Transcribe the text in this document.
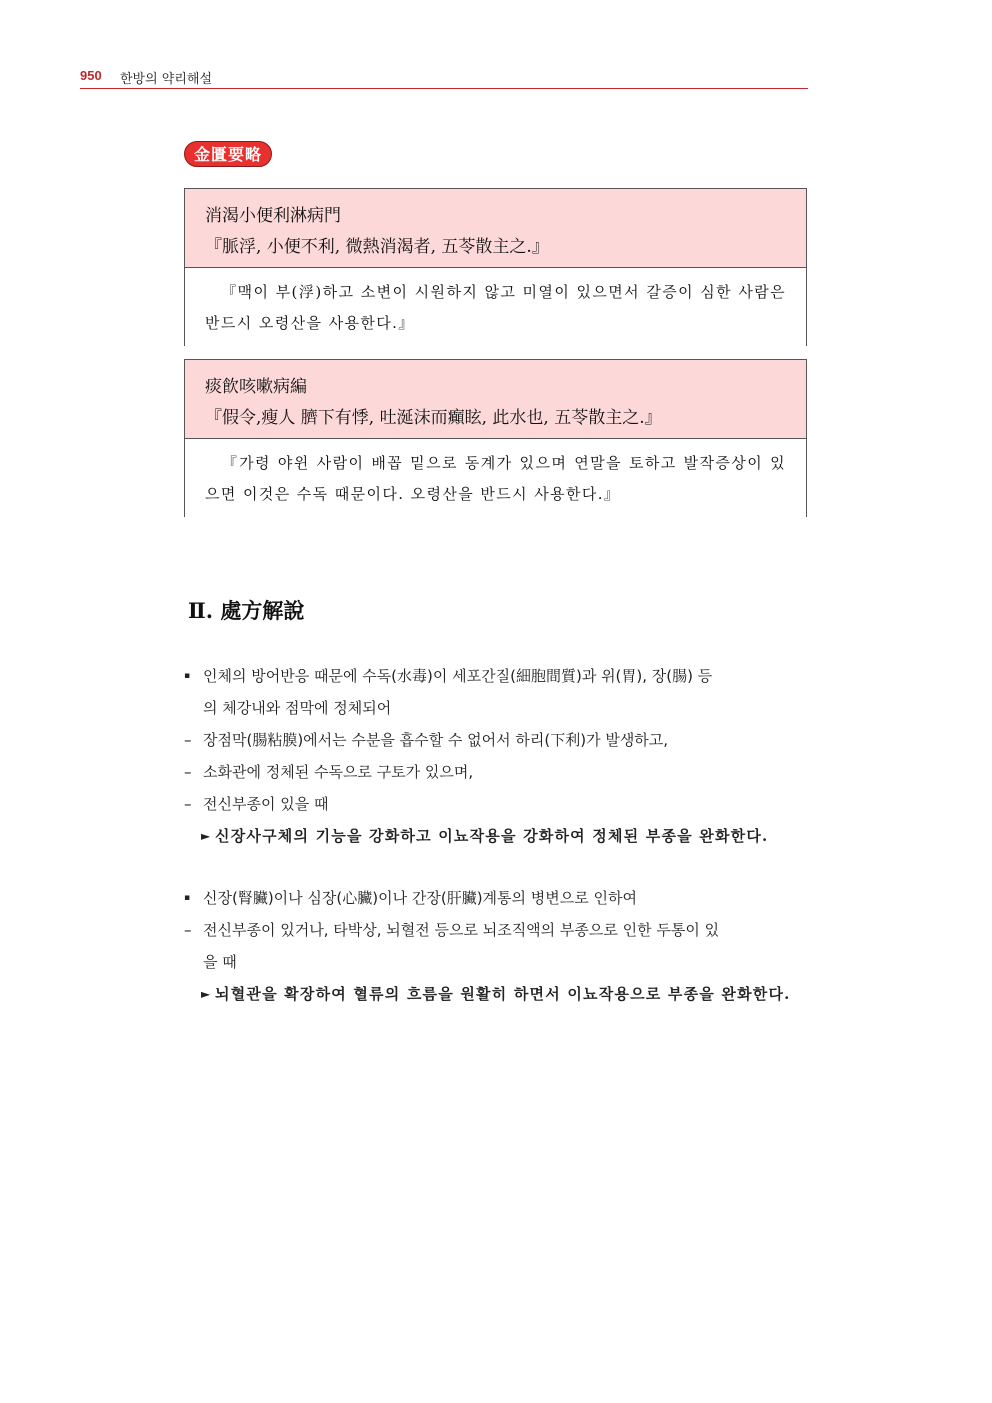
950 한방의 약리해설
金匱要略
消渴小便利淋病門
『脈浮, 小便不利, 微熱消渴者, 五苓散主之.』
『맥이 부(浮)하고 소변이 시원하지 않고 미열이 있으면서 갈증이 심한 사람은 반드시 오령산을 사용한다.』
痰飮咳嗽病編
『假令,瘦人 臍下有悸, 吐涎沫而癲眩, 此水也, 五苓散主之.』
『가령 야윈 사람이 배꼽 밑으로 동계가 있으며 연말을 토하고 발작증상이 있으면 이것은 수독 때문이다. 오령산을 반드시 사용한다.』
Ⅱ. 處方解說
▪ 인체의 방어반응 때문에 수독(水毒)이 세포간질(細胞間質)과 위(胃), 장(腸) 등
의 체강내와 점막에 정체되어
– 장점막(腸粘膜)에서는 수분을 흡수할 수 없어서 하리(下利)가 발생하고,
– 소화관에 정체된 수독으로 구토가 있으며,
– 전신부종이 있을 때
► 신장사구체의 기능을 강화하고 이뇨작용을 강화하여 정체된 부종을 완화한다.
▪ 신장(腎臟)이나 심장(心臟)이나 간장(肝臟)계통의 병변으로 인하여
– 전신부종이 있거나, 타박상, 뇌혈전 등으로 뇌조직액의 부종으로 인한 두통이 있
을 때
► 뇌혈관을 확장하여 혈류의 흐름을 원활히 하면서 이뇨작용으로 부종을 완화한다.
